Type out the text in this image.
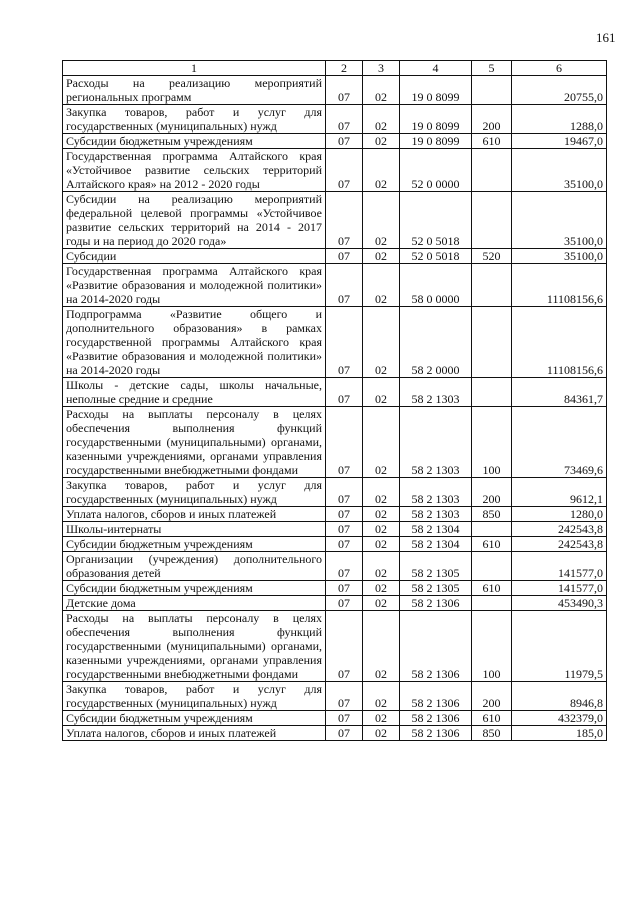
161
1	2	3	4	5	6
Расходы на реализацию мероприятий региональных программ	07	02	19 0 8099		20755,0
Закупка товаров, работ и услуг для государственных (муниципальных) нужд	07	02	19 0 8099	200	1288,0
Субсидии бюджетным учреждениям	07	02	19 0 8099	610	19467,0
Государственная программа Алтайского края «Устойчивое развитие сельских территорий Алтайского края» на 2012 - 2020 годы	07	02	52 0 0000		35100,0
Субсидии на реализацию мероприятий федеральной целевой программы «Устойчивое развитие сельских территорий на 2014 - 2017 годы и на период до 2020 года»	07	02	52 0 5018		35100,0
Субсидии	07	02	52 0 5018	520	35100,0
Государственная программа Алтайского края «Развитие образования и молодежной политики» на 2014-2020 годы	07	02	58 0 0000		11108156,6
Подпрограмма «Развитие общего и дополнительного образования» в рамках государственной программы Алтайского края «Развитие образования и молодежной политики» на 2014-2020 годы	07	02	58 2 0000		11108156,6
Школы - детские сады, школы начальные, неполные средние и средние	07	02	58 2 1303		84361,7
Расходы на выплаты персоналу в целях обеспечения выполнения функций государственными (муниципальными) органами, казенными учреждениями, органами управления государственными внебюджетными фондами	07	02	58 2 1303	100	73469,6
Закупка товаров, работ и услуг для государственных (муниципальных) нужд	07	02	58 2 1303	200	9612,1
Уплата налогов, сборов и иных платежей	07	02	58 2 1303	850	1280,0
Школы-интернаты	07	02	58 2 1304		242543,8
Субсидии бюджетным учреждениям	07	02	58 2 1304	610	242543,8
Организации (учреждения) дополнительного образования детей	07	02	58 2 1305		141577,0
Субсидии бюджетным учреждениям	07	02	58 2 1305	610	141577,0
Детские дома	07	02	58 2 1306		453490,3
Расходы на выплаты персоналу в целях обеспечения выполнения функций государственными (муниципальными) органами, казенными учреждениями, органами управления государственными внебюджетными фондами	07	02	58 2 1306	100	11979,5
Закупка товаров, работ и услуг для государственных (муниципальных) нужд	07	02	58 2 1306	200	8946,8
Субсидии бюджетным учреждениям	07	02	58 2 1306	610	432379,0
Уплата налогов, сборов и иных платежей	07	02	58 2 1306	850	185,0
